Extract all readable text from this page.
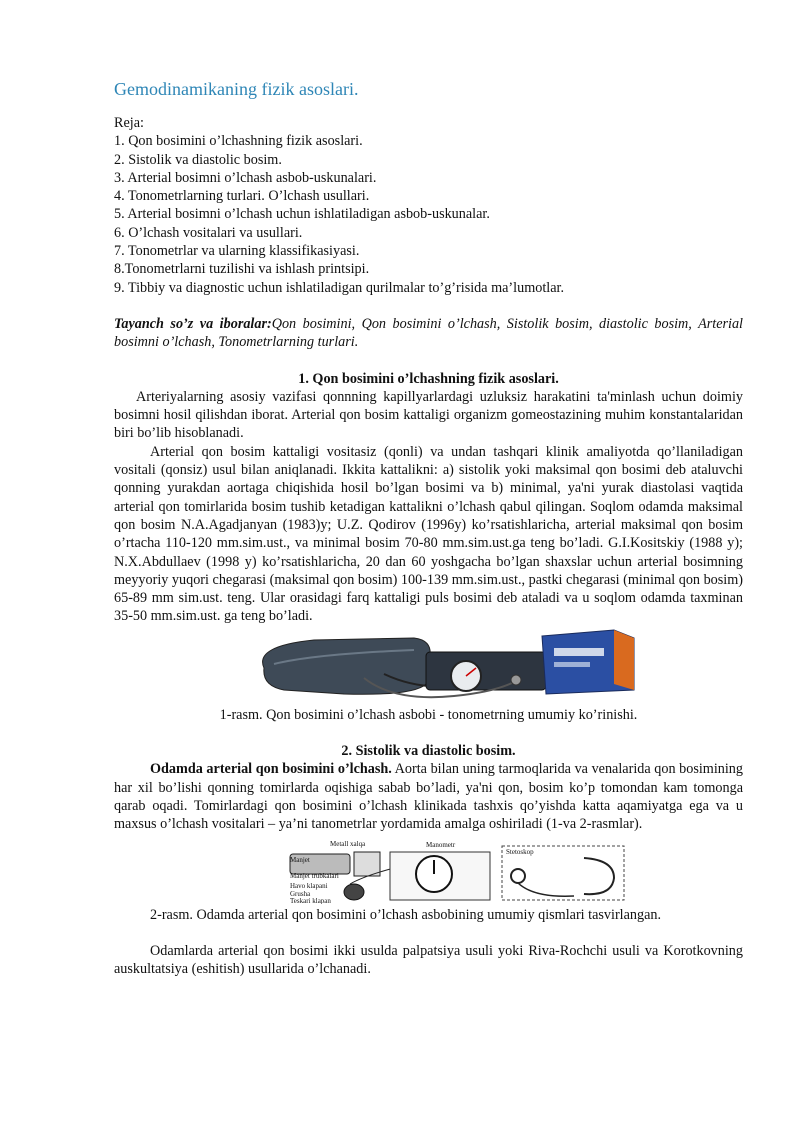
Gemodinamikaning fizik asoslari.

Reja:

1. Qon bosimini o’lchashning fizik asoslari.

2. Sistolik va diastolic bosim.

3. Arterial bosimni o’lchash asbob-uskunalari.

4. Tonometrlarning turlari. O’lchash usullari.

5. Arterial bosimni o’lchash uchun ishlatiladigan asbob-uskunalar.

6. O’lchash vositalari va usullari.

7. Tonometrlar va ularning klassifikasiyasi.

8.Tonometrlarni tuzilishi va ishlash printsipi.

9. Tibbiy va diagnostic uchun ishlatiladigan qurilmalar to’g’risida ma’lumotlar.

Tayanch so’z va iboralar:Qon bosimini, Qon bosimini o’lchash, Sistolik bosim, diastolic bosim, Arterial bosimni o’lchash, Tonometrlarning turlari.

1. Qon bosimini o’lchashning fizik asoslari.

Arteriyalarning asosiy vazifasi qonnning kapillyarlardagi uzluksiz harakatini ta'minlash uchun doimiy bosimni hosil qilishdan iborat. Arterial qon bosim kattaligi organizm gomeostazining muhim konstantalaridan biri bo’lib hisoblanadi.

Arterial qon bosim kattaligi vositasiz (qonli) va undan tashqari klinik amaliyotda qo’llaniladigan vositali (qonsiz) usul bilan aniqlanadi. Ikkita kattalikni: a) sistolik yoki maksimal qon bosimi deb ataluvchi qonning yurakdan aortaga chiqishida hosil bo’lgan bosimi va b) minimal, ya'ni yurak diastolasi vaqtida arterial qon tomirlarida bosim tushib ketadigan kattalikni o’lchash qabul qilingan. Soqlom odamda maksimal qon bosim N.A.Agadjanyan (1983)y; U.Z. Qodirov (1996y) ko’rsatishlaricha, arterial maksimal qon bosim o’rtacha 110-120 mm.sim.ust., va minimal bosim 70-80 mm.sim.ust.ga teng bo’ladi. G.I.Kositskiy (1988 y); N.X.Abdullaev (1998 y) ko’rsatishlaricha, 20 dan 60 yoshgacha bo’lgan shaxslar uchun arterial bosimning meyyoriy yuqori chegarasi (maksimal qon bosim) 100-139 mm.sim.ust., pastki chegarasi (minimal qon bosim) 65-89 mm sim.ust. teng. Ular orasidagi farq kattaligi puls bosimi deb ataladi va u soqlom odamda taxminan 35-50 mm.sim.ust. ga teng bo’ladi.

1-rasm. Qon bosimini o’lchash asbobi - tonometrning umumiy ko’rinishi.

2. Sistolik va diastolic bosim.

Odamda arterial qon bosimini o’lchash. Aorta bilan uning tarmoqlarida va venalarida qon bosimining har xil bo’lishi qonning tomirlarda oqishiga sabab bo’ladi, ya'ni qon, bosim ko’p tomondan kam tomonga qarab oqadi. Tomirlardagi qon bosimini o’lchash klinikada tashxis qo’yishda katta aqamiyatga ega va u maxsus o’lchash vositalari – ya’ni tanometrlar yordamida amalga oshiriladi (1-va 2-rasmlar).

Metall xalqa
Manjet
Manjet trubkalari
Havo klapani
Grusha
Teskari klapan
Manometr
Stetoskop

2-rasm. Odamda arterial qon bosimini o’lchash asbobining umumiy qismlari tasvirlangan.

Odamlarda arterial qon bosimi ikki usulda palpatsiya usuli yoki Riva-Rochchi usuli va Korotkovning auskultatsiya (eshitish) usullarida o’lchanadi.
